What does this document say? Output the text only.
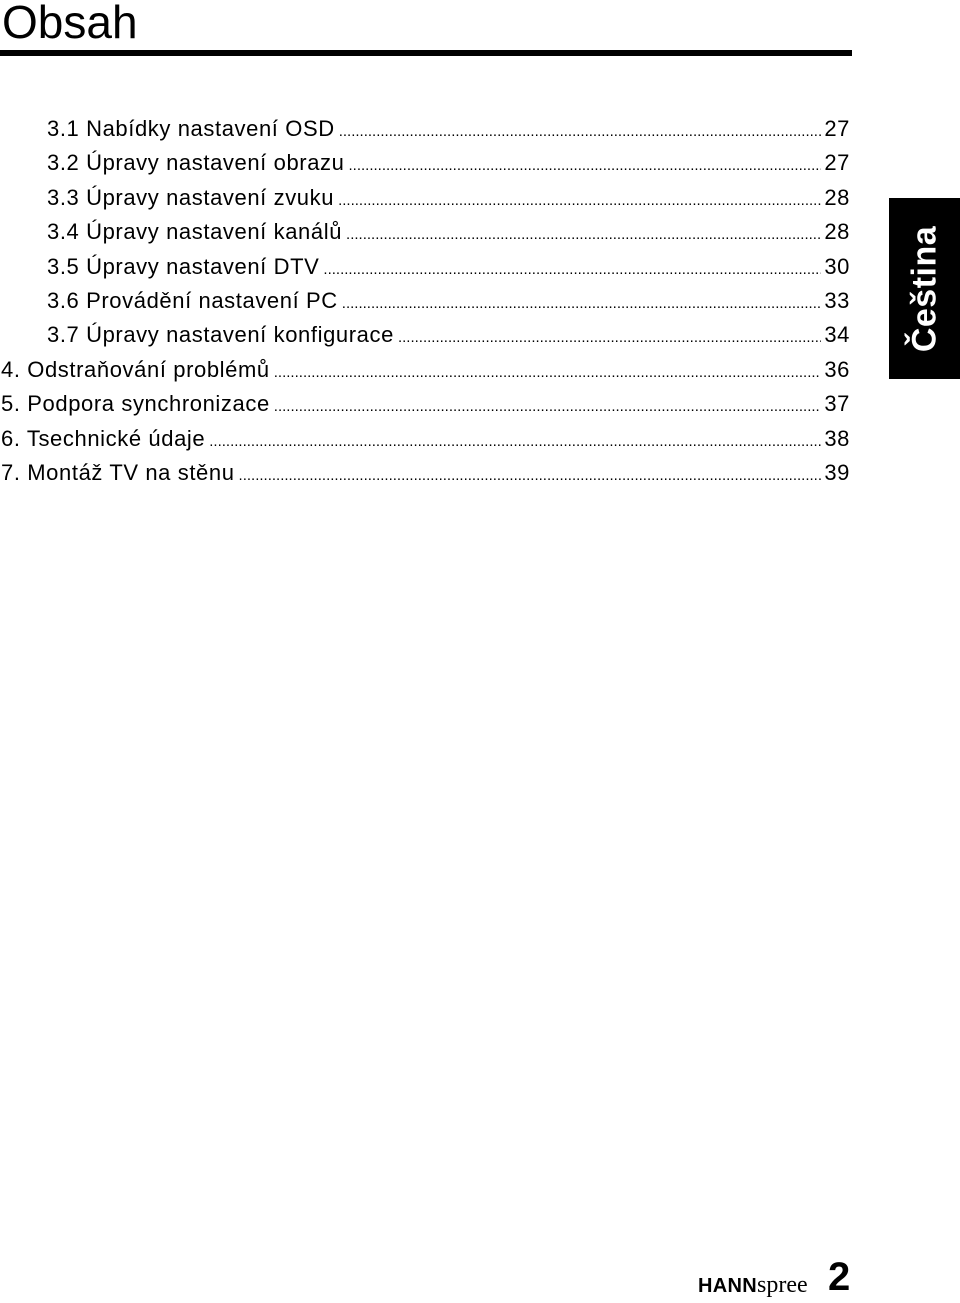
Obsah
3.1 Nabídky nastavení OSD .....	27
3.2 Úpravy nastavení obrazu .....	27
3.3 Úpravy nastavení zvuku .....	28
3.4 Úpravy nastavení kanálů .....	28
3.5 Úpravy nastavení DTV .....	30
3.6 Provádění nastavení PC .....	33
3.7 Úpravy nastavení konfigurace .....	34
4. Odstraňování problémů .....	36
5. Podpora synchronizace .....	37
6. Tsechnické údaje .....	38
7. Montáž TV na stěnu .....	39
Čeština
HANNspree 2
